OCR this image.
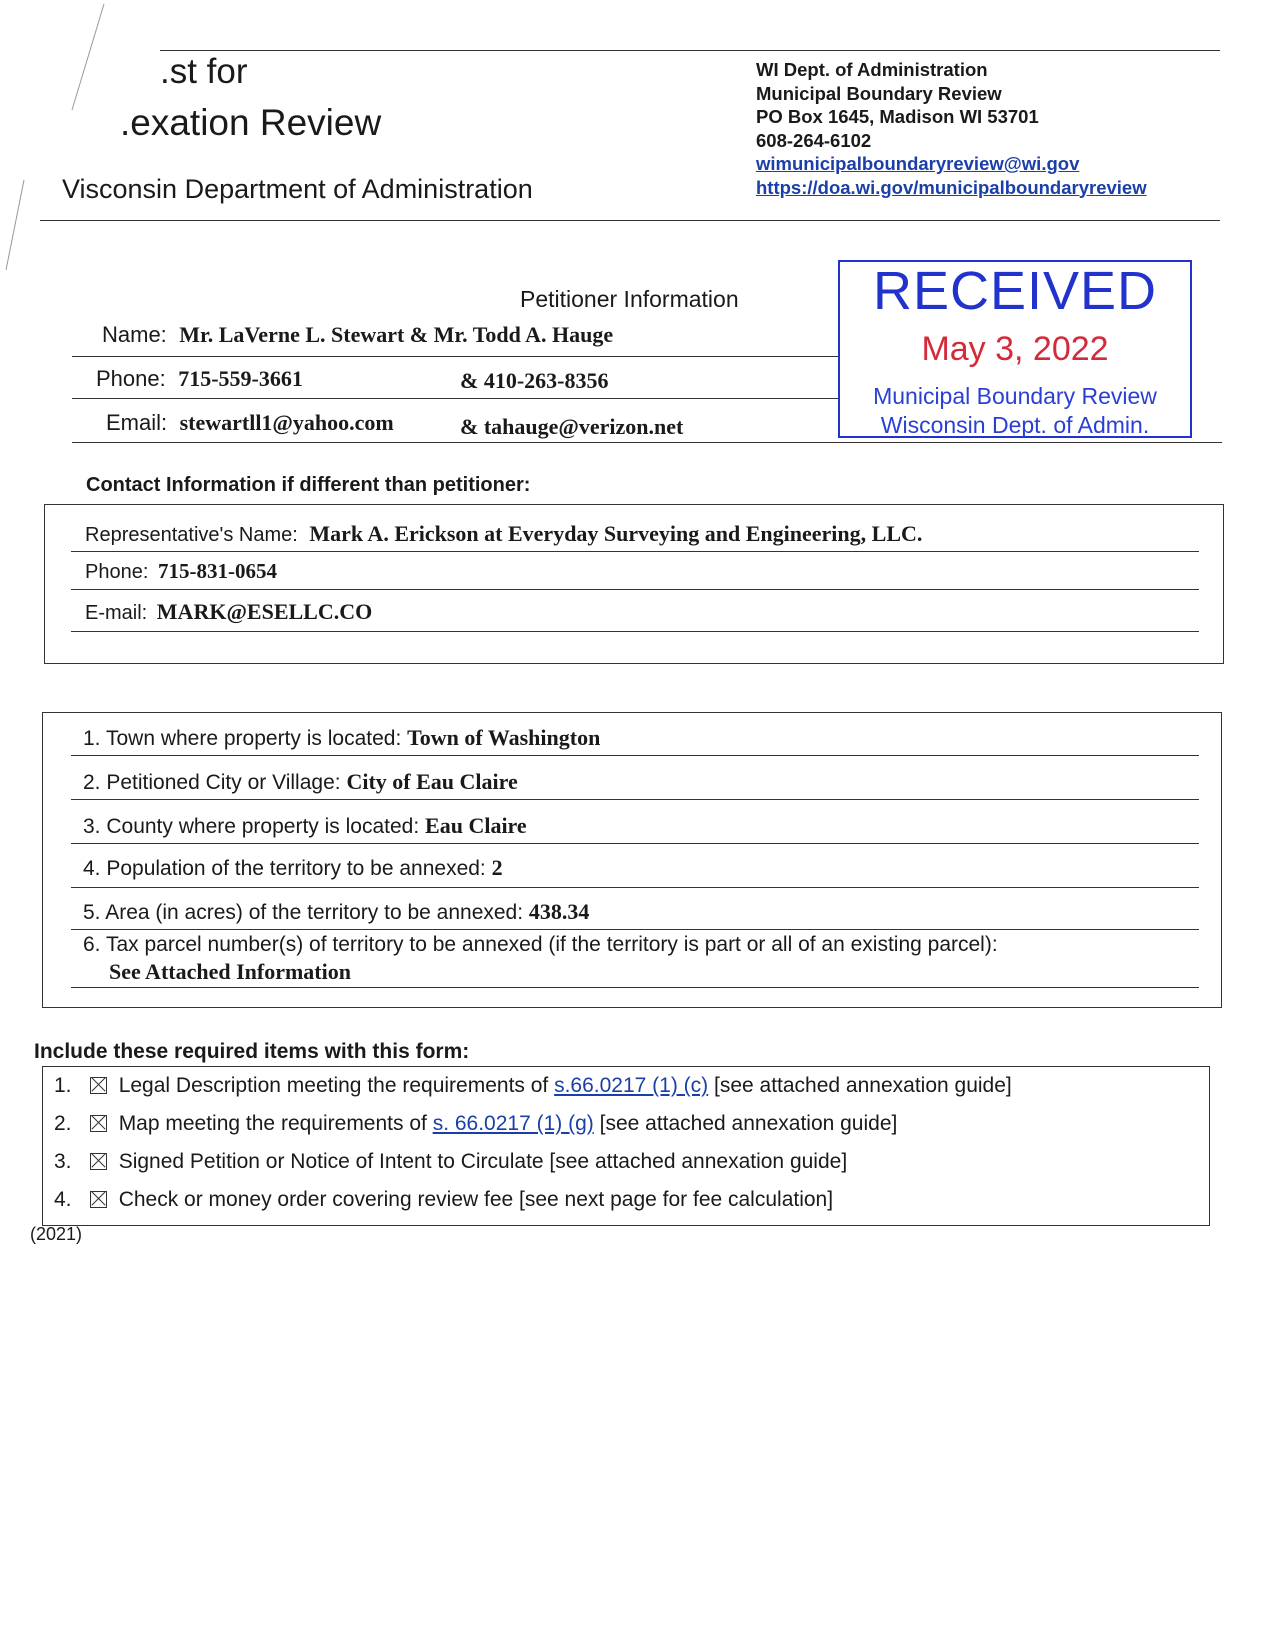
.st for
.exation Review
Visconsin Department of Administration
WI Dept. of Administration
Municipal Boundary Review
PO Box 1645, Madison WI 53701
608-264-6102
wimunicipalboundaryreview@wi.gov
https://doa.wi.gov/municipalboundaryreview
RECEIVED
May 3, 2022
Municipal Boundary Review
Wisconsin Dept. of Admin.
Petitioner Information
Name: Mr. LaVerne L. Stewart & Mr. Todd A. Hauge
Phone: 715-559-3661	& 410-263-8356
Email: stewartll1@yahoo.com	& tahauge@verizon.net
Contact Information if different than petitioner:
Representative's Name: Mark A. Erickson at Everyday Surveying and Engineering, LLC.
Phone: 715-831-0654
E-mail: MARK@ESELLC.CO
1. Town where property is located: Town of Washington
2. Petitioned City or Village: City of Eau Claire
3. County where property is located: Eau Claire
4. Population of the territory to be annexed: 2
5. Area (in acres) of the territory to be annexed: 438.34
6. Tax parcel number(s) of territory to be annexed (if the territory is part or all of an existing parcel):
See Attached Information
Include these required items with this form:
1. Legal Description meeting the requirements of s.66.0217 (1) (c) [see attached annexation guide]
2. Map meeting the requirements of s. 66.0217 (1) (g) [see attached annexation guide]
3. Signed Petition or Notice of Intent to Circulate [see attached annexation guide]
4. Check or money order covering review fee [see next page for fee calculation]
(2021)
